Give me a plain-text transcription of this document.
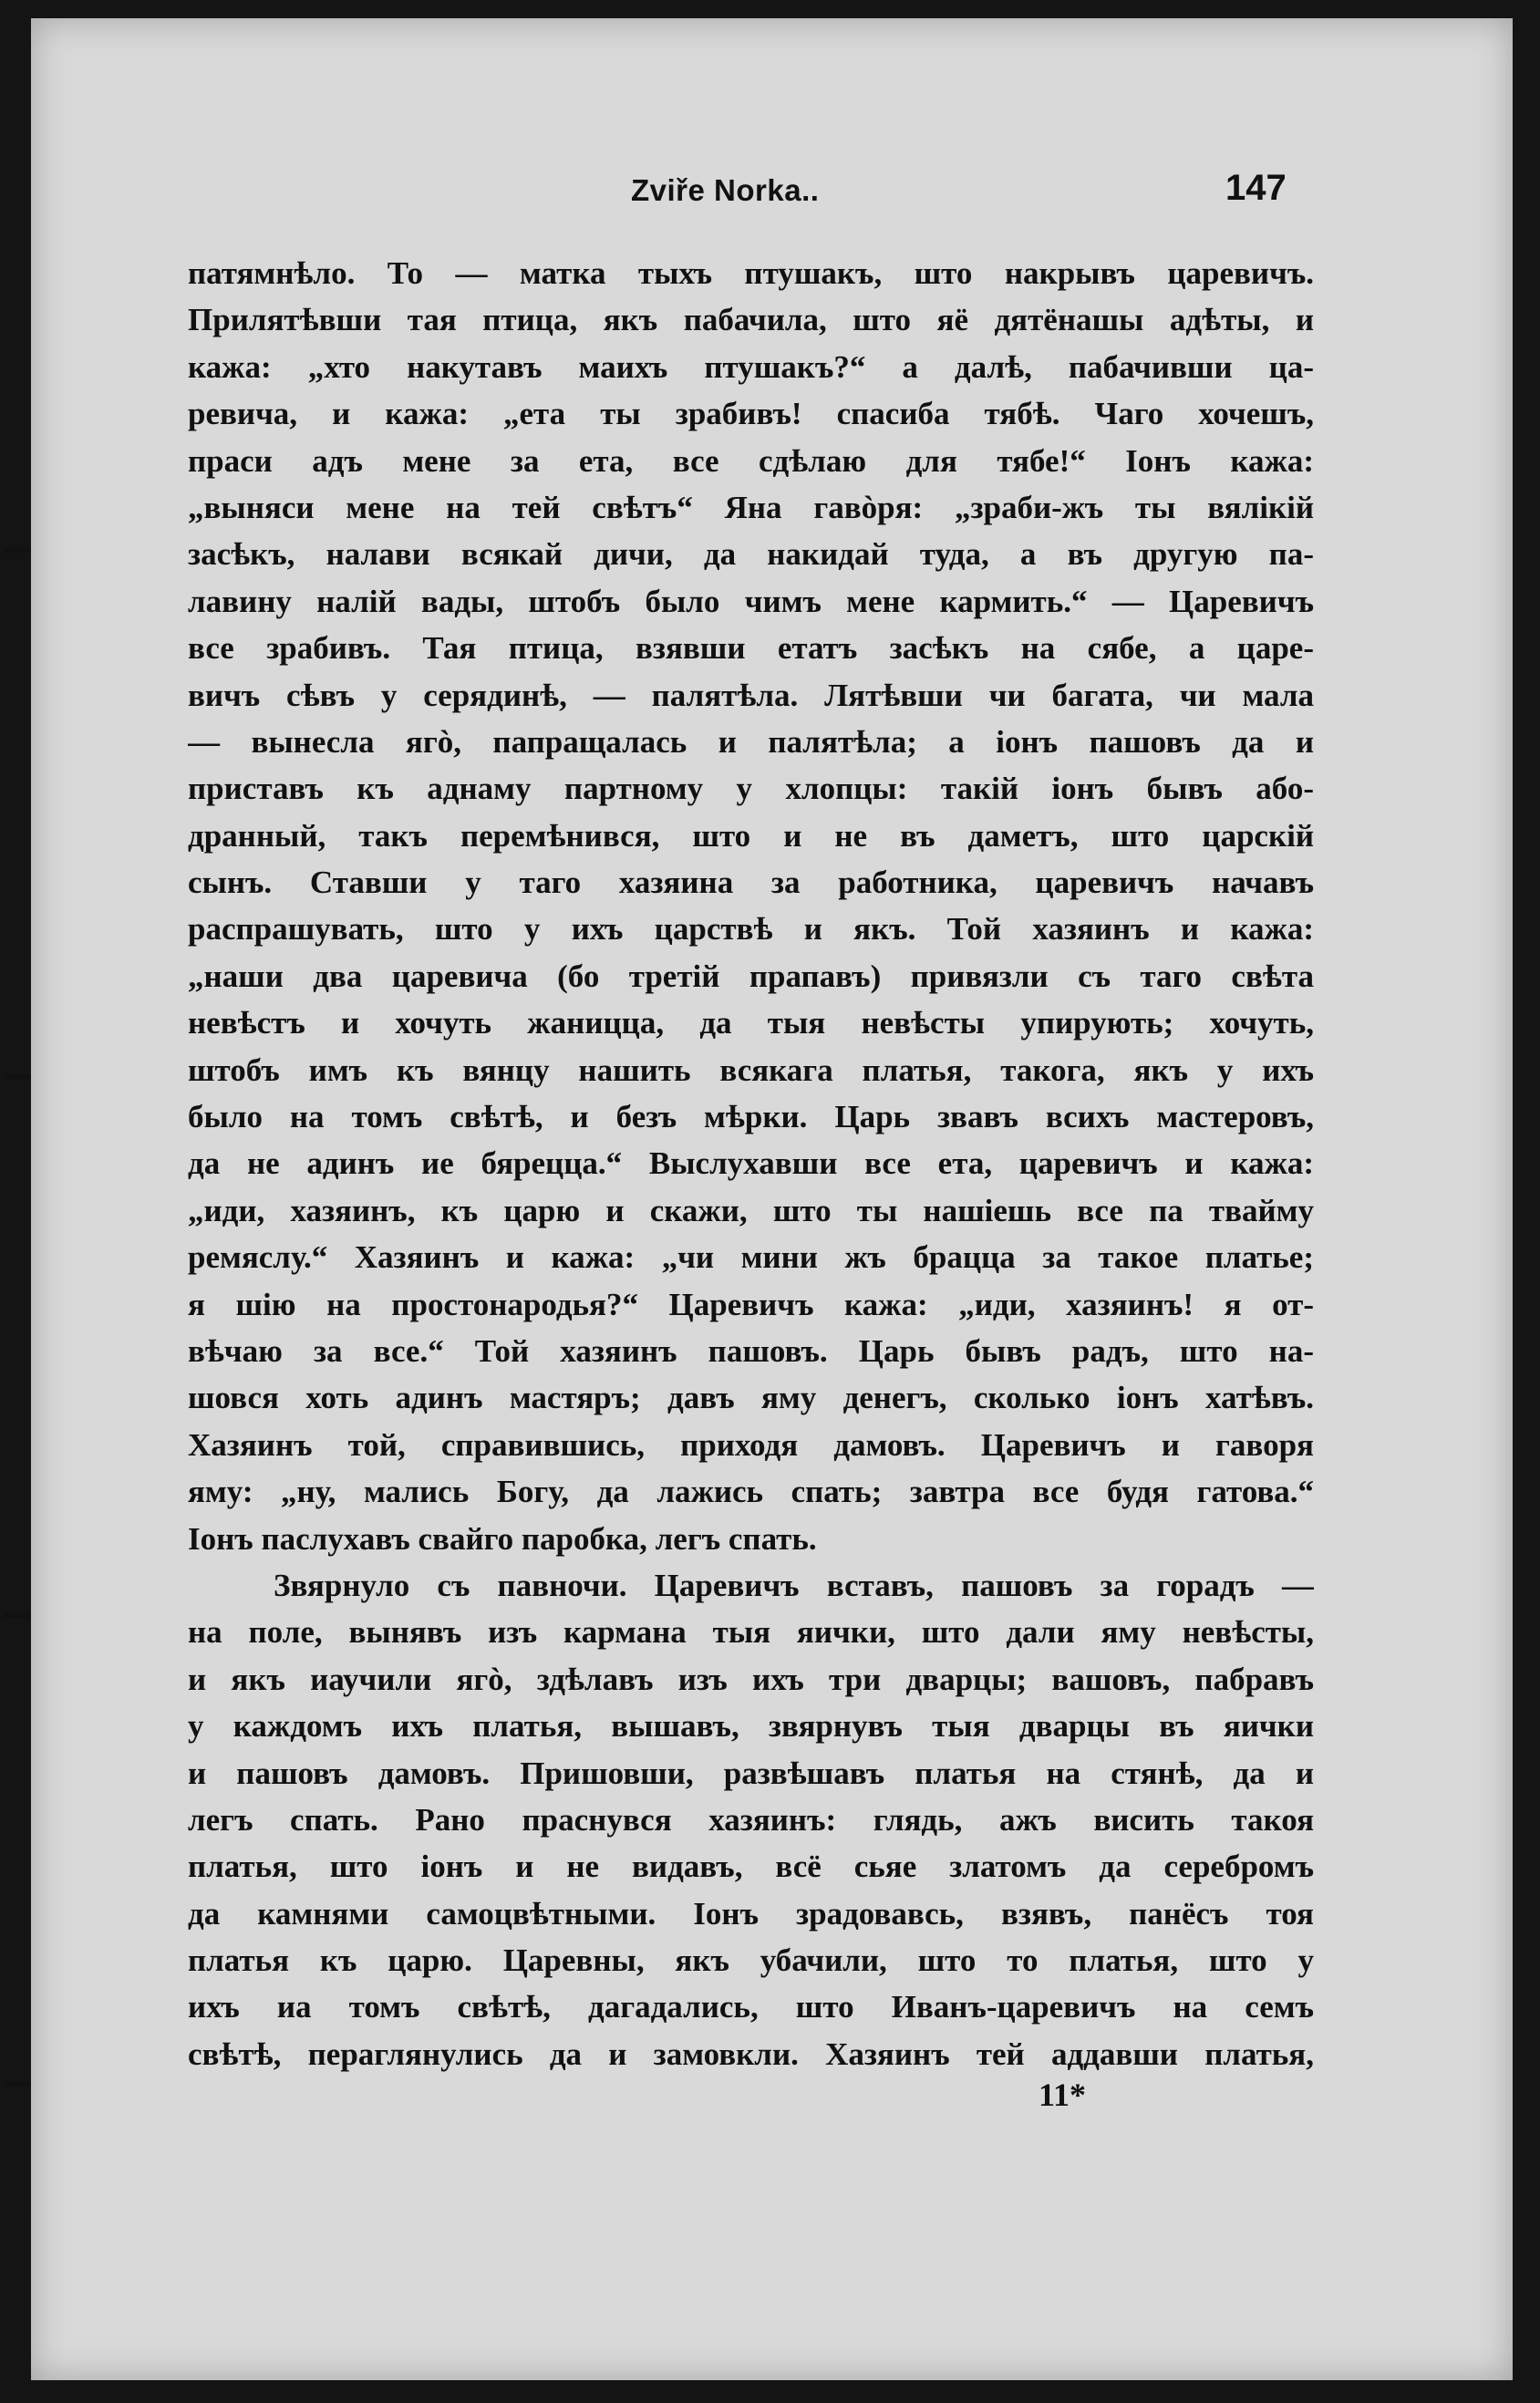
Zviře Norka..	147
патямнѣло. То — матка тыхъ птушакъ, што накрывъ царевичъ.
Прилятѣвши тая птица, якъ пабачила, што яё дятёнашы адѣты, и
кажа: „хто накутавъ маихъ птушакъ?“ а далѣ, пабачивши ца-
ревича, и кажа: „ета ты зрабивъ! спасиба тябѣ. Чаго хочешъ,
праси адъ мене за ета, все сдѣлаю для тябе!“ Іонъ кажа:
„выняси мене на тей свѣтъ“ Яна гавòря: „зраби-жъ ты вялікій
засѣкъ, налави всякай дичи, да накидай туда, а въ другую па-
лавину налій вады, штобъ было чимъ мене кармить.“ — Царевичъ
все зрабивъ. Тая птица, взявши етатъ засѣкъ на сябе, а царе-
вичъ сѣвъ у серядинѣ, — палятѣла. Лятѣвши чи багата, чи мала
— вынесла ягò, папращалась и палятѣла; а іонъ пашовъ да и
приставъ къ аднаму партному у хлопцы: такій іонъ бывъ або-
дранный, такъ перемѣнився, што и не въ даметъ, што царскій
сынъ. Ставши у таго хазяина за работника, царевичъ начавъ
распрашувать, што у ихъ царствѣ и якъ. Той хазяинъ и кажа:
„наши два царевича (бо третій прапавъ) привязли съ таго свѣта
невѣстъ и хочуть жаницца, да тыя невѣсты упирують; хочуть,
штобъ имъ къ вянцу нашить всякага платья, такога, якъ у ихъ
было на томъ свѣтѣ, и безъ мѣрки. Царь звавъ всихъ мастеровъ,
да не адинъ ие бярецца.“ Выслухавши все ета, царевичъ и кажа:
„иди, хазяинъ, къ царю и скажи, што ты нашіешь все па твайму
ремяслу.“ Хазяинъ и кажа: „чи мини жъ брацца за такое платье;
я шію на простонародья?“ Царевичъ кажа: „иди, хазяинъ! я от-
вѣчаю за все.“ Той хазяинъ пашовъ. Царь бывъ радъ, што на-
шовся хоть адинъ мастяръ; давъ яму денегъ, сколько іонъ хатѣвъ.
Хазяинъ той, справившись, приходя дамовъ. Царевичъ и гаворя
яму: „ну, мались Богу, да лажись спать; завтра все будя гатова.“
Іонъ паслухавъ свайго паробка, легъ спать.
Звярнуло съ павночи. Царевичъ вставъ, пашовъ за горадъ —
на поле, вынявъ изъ кармана тыя яички, што дали яму невѣсты,
и якъ иаучили ягò, здѣлавъ изъ ихъ три дварцы; вашовъ, пабравъ
у каждомъ ихъ платья, вышавъ, звярнувъ тыя дварцы въ яички
и пашовъ дамовъ. Пришовши, развѣшавъ платья на стянѣ, да и
легъ спать. Рано праснувся хазяинъ: глядь, ажъ висить такоя
платья, што іонъ и не видавъ, всё сьяе златомъ да серебромъ
да камнями самоцвѣтными. Іонъ зрадовавсь, взявъ, панёсъ тоя
платья къ царю. Царевны, якъ убачили, што то платья, што у
ихъ иа томъ свѣтѣ, дагадались, што Иванъ-царевичъ на семъ
свѣтѣ, пераглянулись да и замовкли. Хазяинъ тей аддавши платья,
11*
